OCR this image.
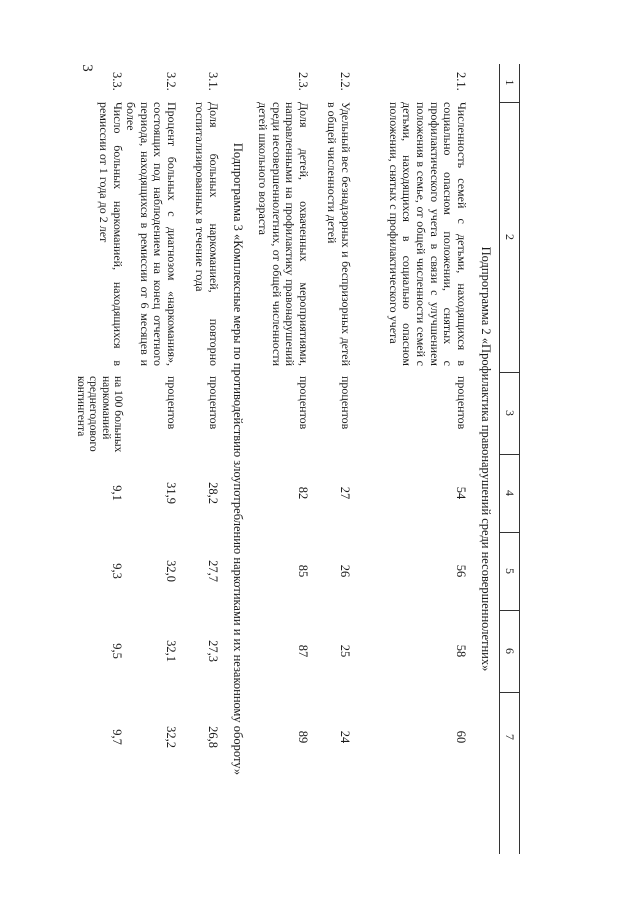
3
1
2
3
4
5
6
7
Подпрограмма 2 «Профилактика правонарушений среди несовершеннолетних»
2.1.
Численность семей с детьми, находящихся в социально опасном положении, снятых с профилактического учета в связи с улучшением положения в семье, от общей численности семей с детьми, находящихся в социально опасном положении, снятых с профилактического учета
процентов
54
56
58
60
2.2.
Удельный вес безнадзорных и беспризорных детей в общей численности детей
процентов
27
26
25
24
2.3.
Доля детей, охваченных мероприятиями, направленными на профилактику правонарушений среди несовершеннолетних, от общей численности детей школьного возраста
процентов
82
85
87
89
Подпрограмма 3 «Комплексные меры по противодействию злоупотреблению наркотиками и их незаконному обороту»
3.1.
Доля больных наркоманией, повторно госпитализированных в течение года
процентов
28,2
27,7
27,3
26,8
3.2.
Процент больных с диагнозом «наркомания», состоящих под наблюдением на конец отчетного периода, находящихся в ремиссии от 6 месяцев и более
процентов
31,9
32,0
32,1
32,2
3.3.
Число больных наркоманией, находящихся в ремиссии от 1 года до 2 лет
на 100 больных наркоманией среднегодового контингента
9,1
9,3
9,5
9,7
